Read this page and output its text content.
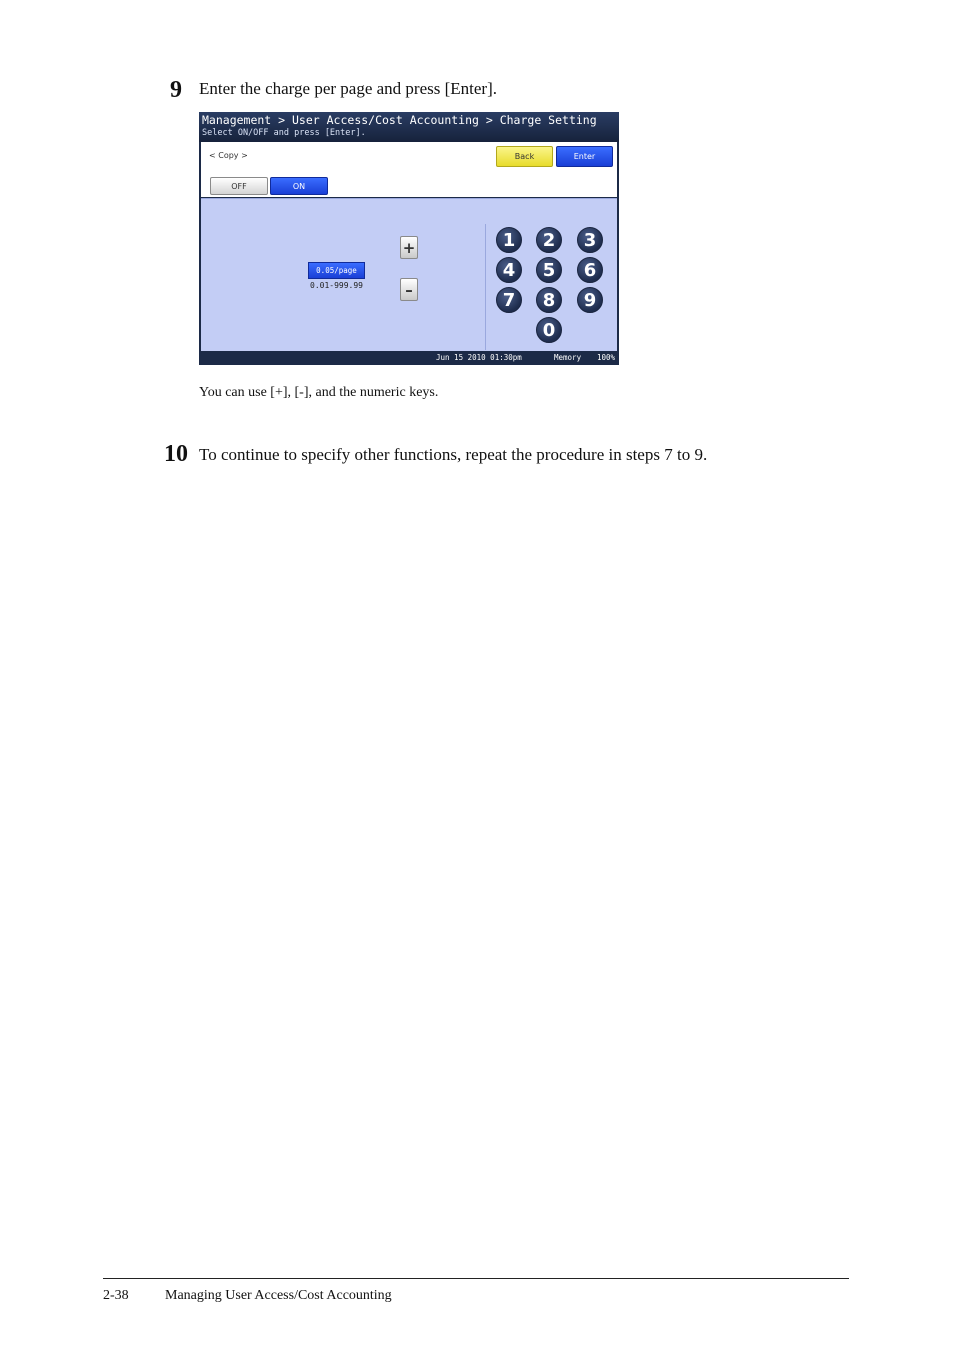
9 Enter the charge per page and press [Enter].
Management > User Access/Cost Accounting > Charge Setting
Select ON/OFF and press [Enter].
< Copy >	Back	Enter
OFF	ON
0.05/page
0.01-999.99
+
–
1	2	3
4	5	6
7	8	9
0
Jun 15 2010 01:30pm	Memory 100%
You can use [+], [-], and the numeric keys.
10 To continue to specify other functions, repeat the procedure in steps 7 to 9.
2-38	Managing User Access/Cost Accounting
